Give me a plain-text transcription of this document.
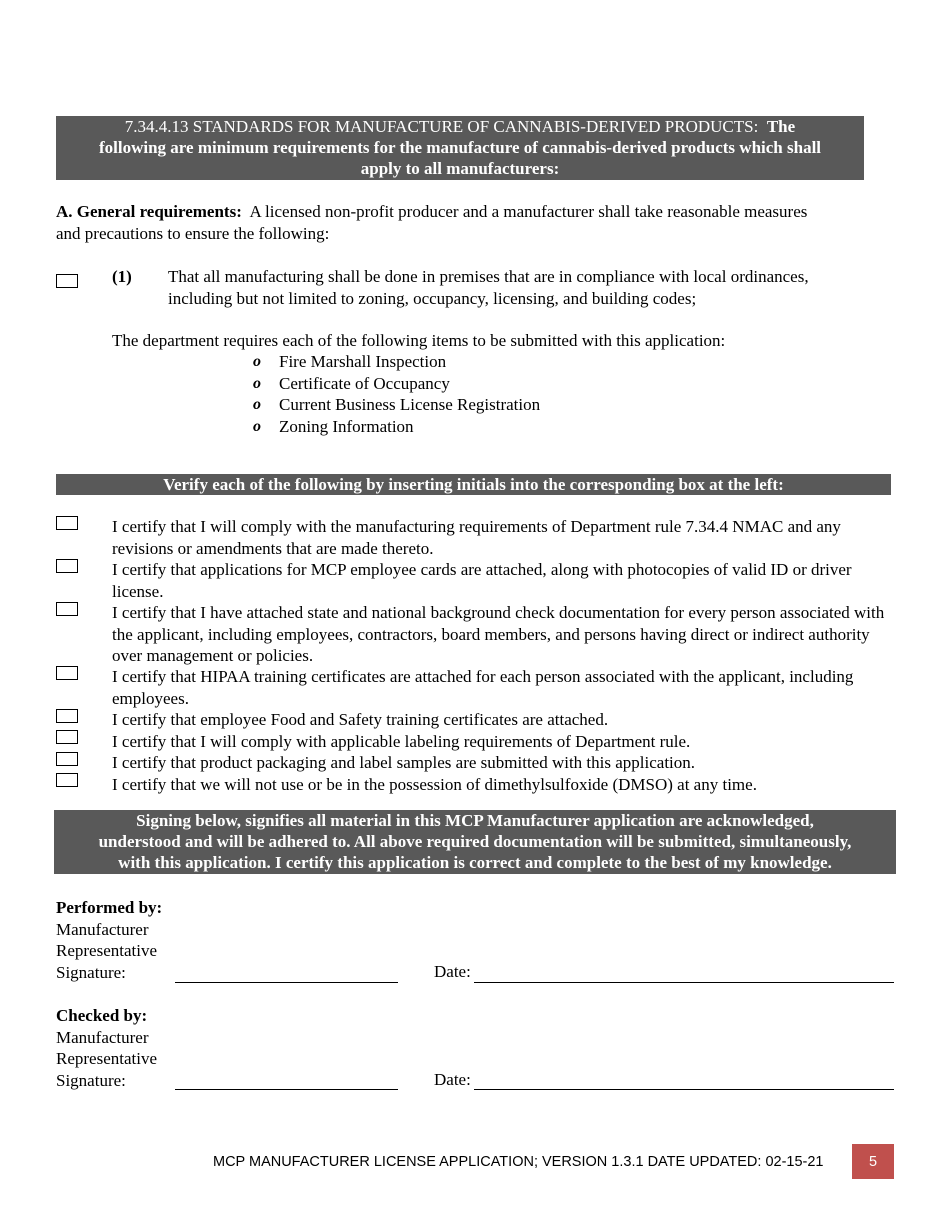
7.34.4.13 STANDARDS FOR MANUFACTURE OF CANNABIS-DERIVED PRODUCTS: The
following are minimum requirements for the manufacture of cannabis-derived products which shall
apply to all manufacturers:
A. General requirements: A licensed non-profit producer and a manufacturer shall take reasonable measures
and precautions to ensure the following:
(1) That all manufacturing shall be done in premises that are in compliance with local ordinances,
including but not limited to zoning, occupancy, licensing, and building codes;
The department requires each of the following items to be submitted with this application:
o Fire Marshall Inspection
o Certificate of Occupancy
o Current Business License Registration
o Zoning Information
Verify each of the following by inserting initials into the corresponding box at the left:
I certify that I will comply with the manufacturing requirements of Department rule 7.34.4 NMAC and any revisions or amendments that are made thereto.
I certify that applications for MCP employee cards are attached, along with photocopies of valid ID or driver license.
I certify that I have attached state and national background check documentation for every person associated with the applicant, including employees, contractors, board members, and persons having direct or indirect authority over management or policies.
I certify that HIPAA training certificates are attached for each person associated with the applicant, including employees.
I certify that employee Food and Safety training certificates are attached.
I certify that I will comply with applicable labeling requirements of Department rule.
I certify that product packaging and label samples are submitted with this application.
I certify that we will not use or be in the possession of dimethylsulfoxide (DMSO) at any time.
Signing below, signifies all material in this MCP Manufacturer application are acknowledged,
understood and will be adhered to. All above required documentation will be submitted, simultaneously,
with this application. I certify this application is correct and complete to the best of my knowledge.
Performed by:
Manufacturer
Representative
Signature:	Date:
Checked by:
Manufacturer
Representative
Signature:	Date:
MCP MANUFACTURER LICENSE APPLICATION; VERSION 1.3.1 DATE UPDATED: 02-15-21	5
